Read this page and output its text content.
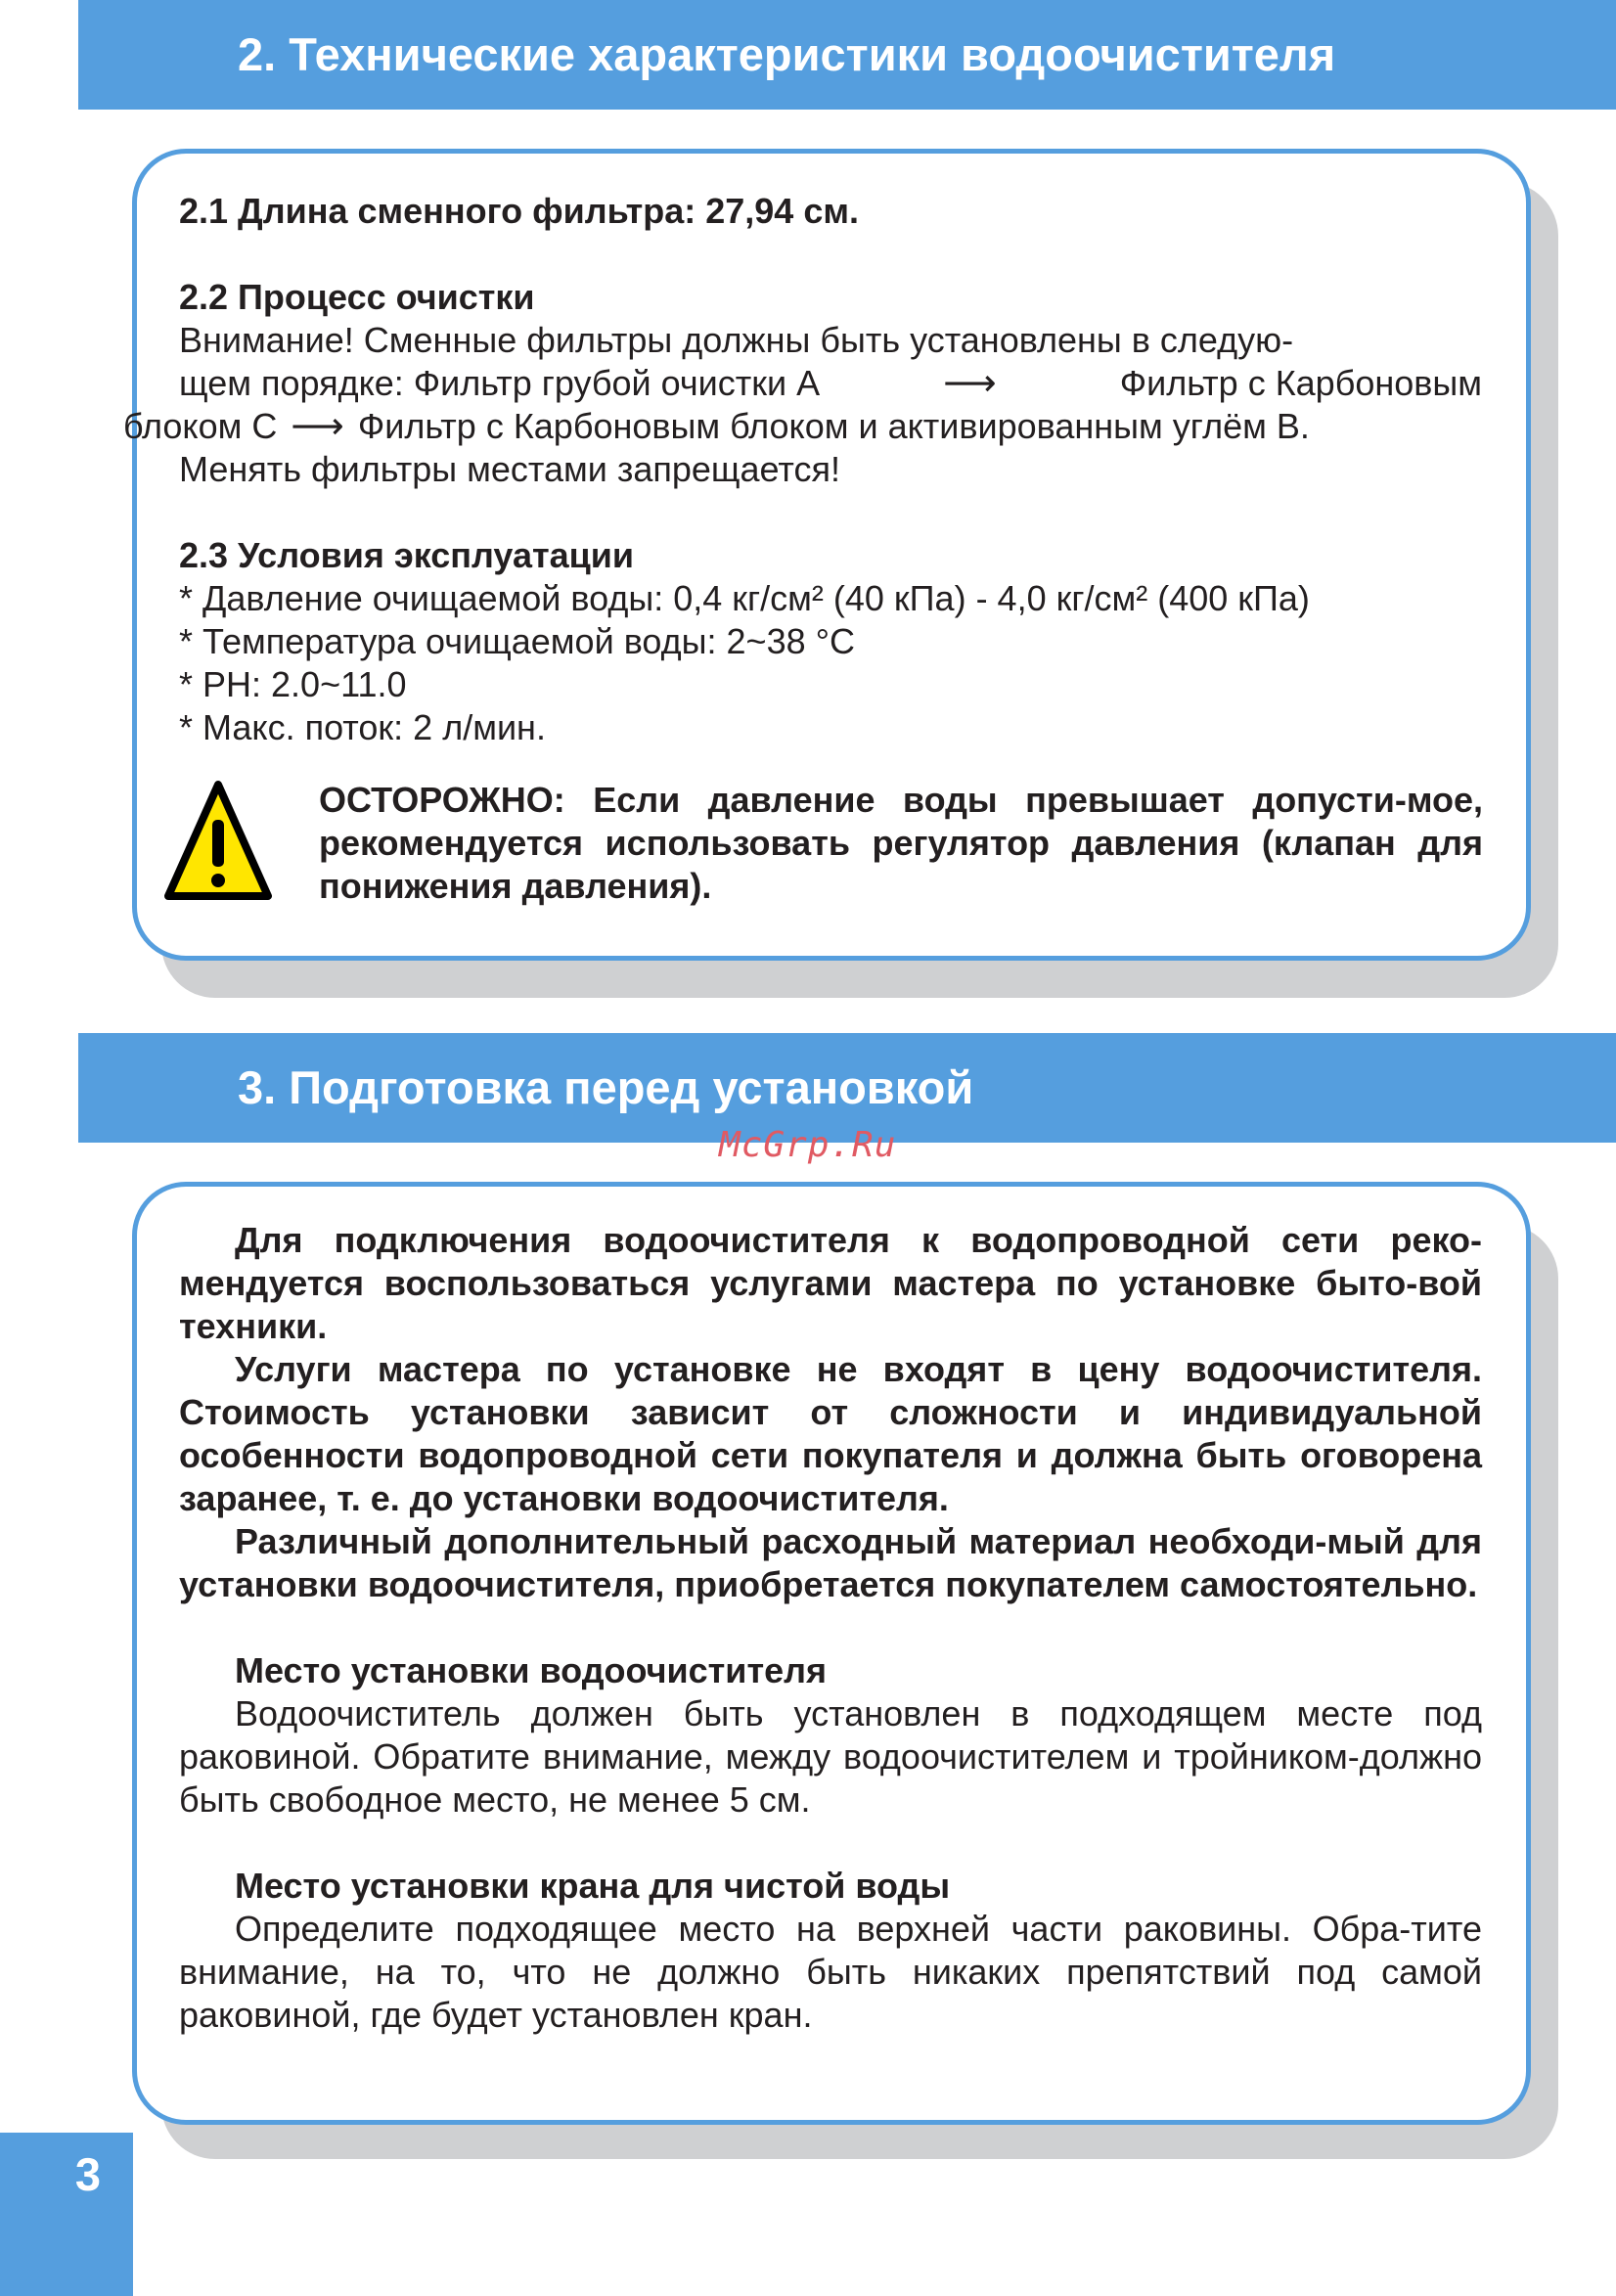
2. Технические характеристики водоочистителя

2.1 Длина сменного фильтра: 27,94 см.

2.2 Процесс очистки

Внимание! Сменные фильтры должны быть установлены в следую-

щем порядке: Фильтр грубой очистки А	⟶	Фильтр с Карбоновым

блоком С ⟶ Фильтр с Карбоновым блоком и активированным углём В.

Менять фильтры местами запрещается!

2.3 Условия эксплуатации

* Давление очищаемой воды: 0,4 кг/см² (40 кПа) - 4,0 кг/см² (400 кПа)

* Температура очищаемой воды: 2~38 °С

* PH: 2.0~11.0

* Макс. поток: 2 л/мин.

ОСТОРОЖНО: Если давление воды превышает допусти-мое, рекомендуется использовать регулятор давления (клапан для понижения давления).
3. Подготовка перед установкой
McGrp.Ru

Для подключения водоочистителя к водопроводной сети реко-мендуется воспользоваться услугами мастера по установке быто-вой техники.

Услуги мастера по установке не входят в цену водоочистителя. Стоимость установки зависит от сложности и индивидуальной особенности водопроводной сети покупателя и должна быть оговорена заранее, т. е. до установки водоочистителя.

Различный дополнительный расходный материал необходи-мый для установки водоочистителя, приобретается покупателем самостоятельно.

Место установки водоочистителя

Водоочиститель должен быть установлен в подходящем месте под раковиной. Обратите внимание, между водоочистителем и тройником-должно быть свободное место, не менее 5 см.

Место установки крана для чистой воды

Определите подходящее место на верхней части раковины. Обра-тите внимание, на то, что не должно быть никаких препятствий под самой раковиной, где будет установлен кран.

3
